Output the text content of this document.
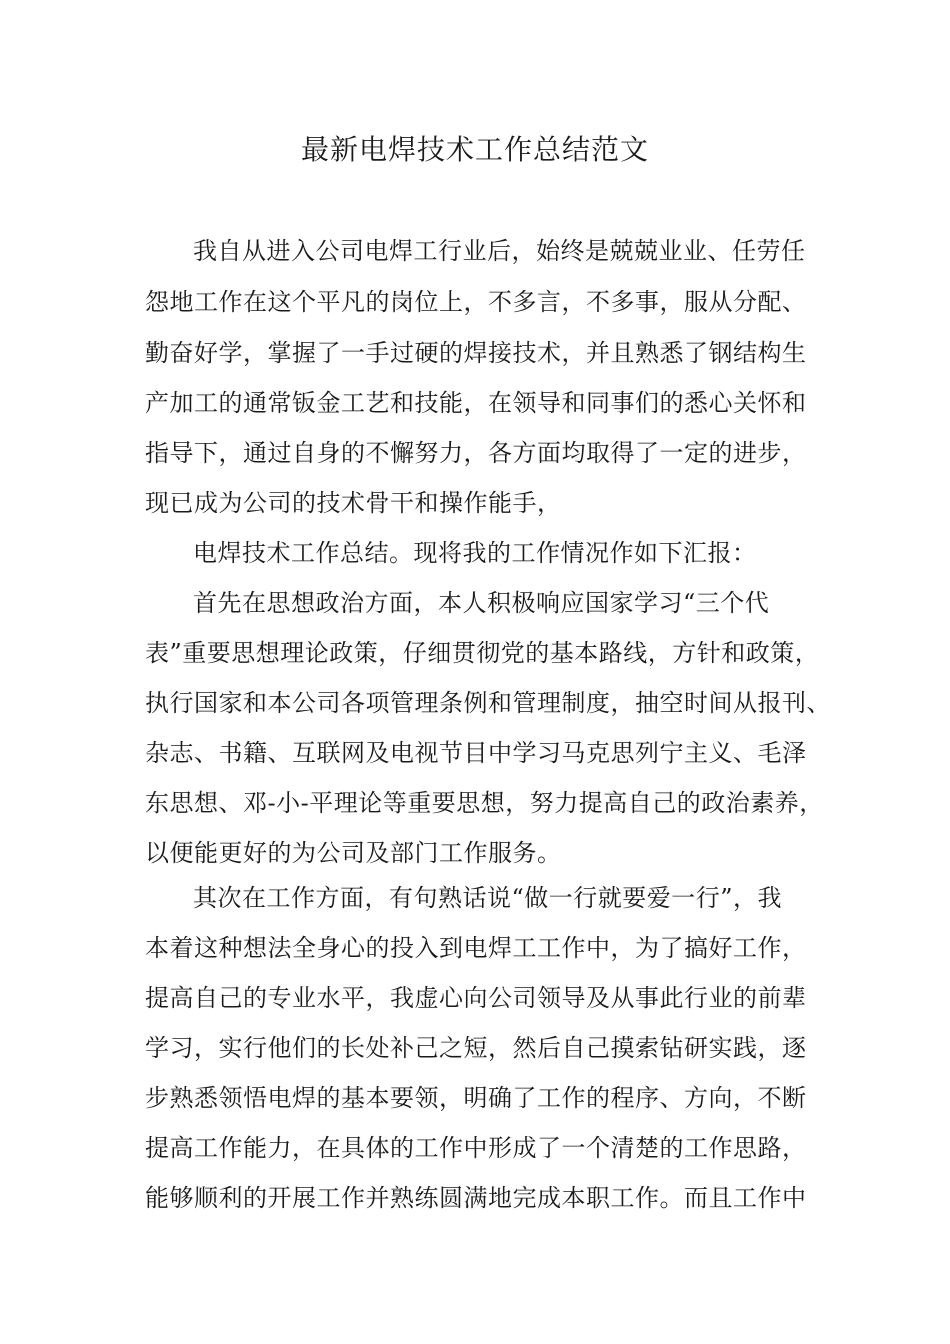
最新电焊技术工作总结范文
我自从进入公司电焊工行业后，始终是兢兢业业、任劳任
怨地工作在这个平凡的岗位上，不多言，不多事，服从分配、
勤奋好学，掌握了一手过硬的焊接技术，并且熟悉了钢结构生
产加工的通常钣金工艺和技能，在领导和同事们的悉心关怀和
指导下，通过自身的不懈努力，各方面均取得了一定的进步，
现已成为公司的技术骨干和操作能手，
电焊技术工作总结。现将我的工作情况作如下汇报：
首先在思想政治方面，本人积极响应国家学习“三个代
表”重要思想理论政策，仔细贯彻党的基本路线，方针和政策，
执行国家和本公司各项管理条例和管理制度，抽空时间从报刊、
杂志、书籍、互联网及电视节目中学习马克思列宁主义、毛泽
东思想、邓-小-平理论等重要思想，努力提高自己的政治素养，
以便能更好的为公司及部门工作服务。
其次在工作方面，有句熟话说“做一行就要爱一行”，我
本着这种想法全身心的投入到电焊工工作中，为了搞好工作，
提高自己的专业水平，我虚心向公司领导及从事此行业的前辈
学习，实行他们的长处补己之短，然后自己摸索钻研实践，逐
步熟悉领悟电焊的基本要领，明确了工作的程序、方向，不断
提高工作能力，在具体的工作中形成了一个清楚的工作思路，
能够顺利的开展工作并熟练圆满地完成本职工作。而且工作中
